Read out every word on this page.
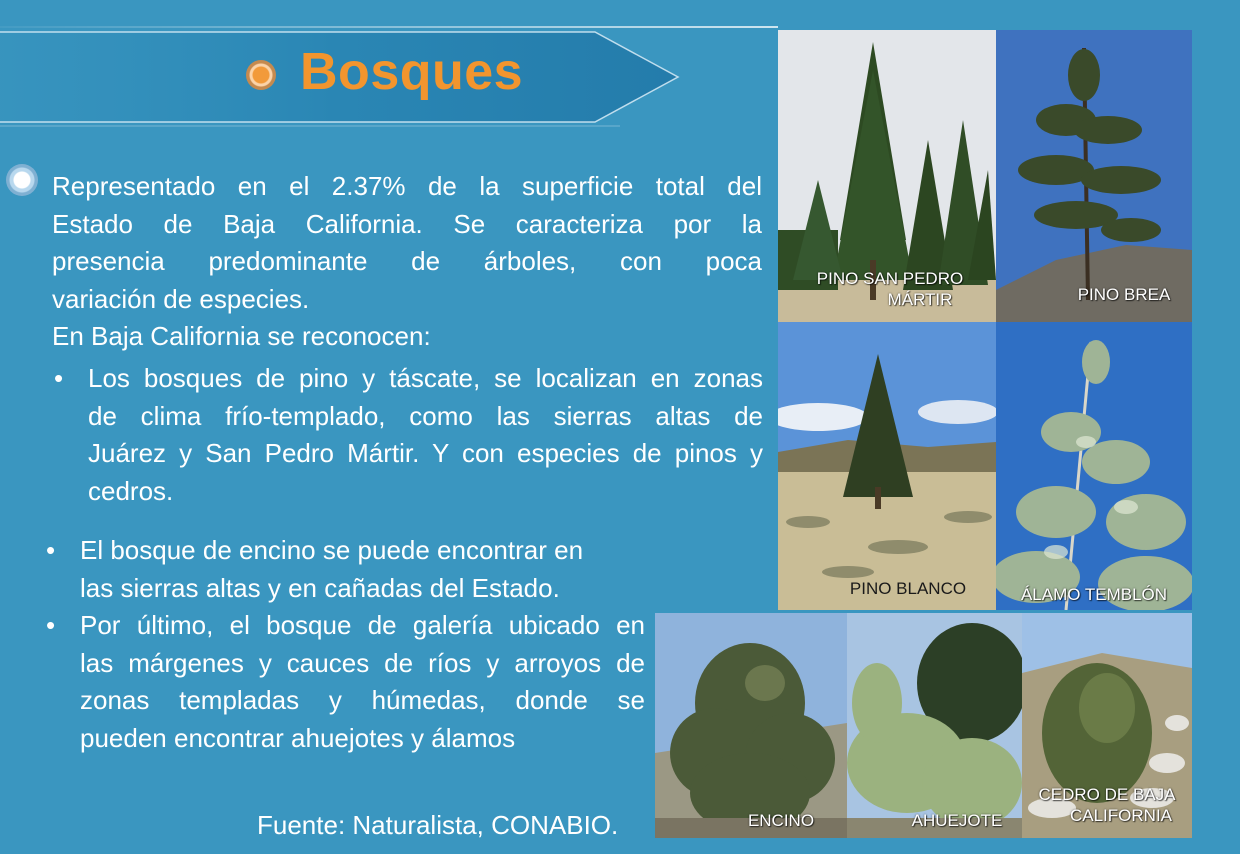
Bosques
Representado en el 2.37% de la superficie total del
Estado de Baja California. Se caracteriza por la
presencia predominante de árboles, con poca
variación de especies.
En Baja California se reconocen:
• Los bosques de pino y táscate, se localizan en zonas
de clima frío-templado, como las sierras altas de
Juárez y San Pedro Mártir. Y con especies de pinos y
cedros.
• El bosque de encino se puede encontrar en
las sierras altas y en cañadas del Estado.
• Por último, el bosque de galería ubicado en
las márgenes y cauces de ríos y arroyos de
zonas templadas y húmedas, donde se
pueden encontrar ahuejotes y álamos
Fuente: Naturalista, CONABIO.
PINO SAN PEDRO
MÁRTIR	PINO BREA
PINO BLANCO	ÁLAMO TEMBLÓN
ENCINO	AHUEJOTE
CEDRO DE BAJA
CALIFORNIA
